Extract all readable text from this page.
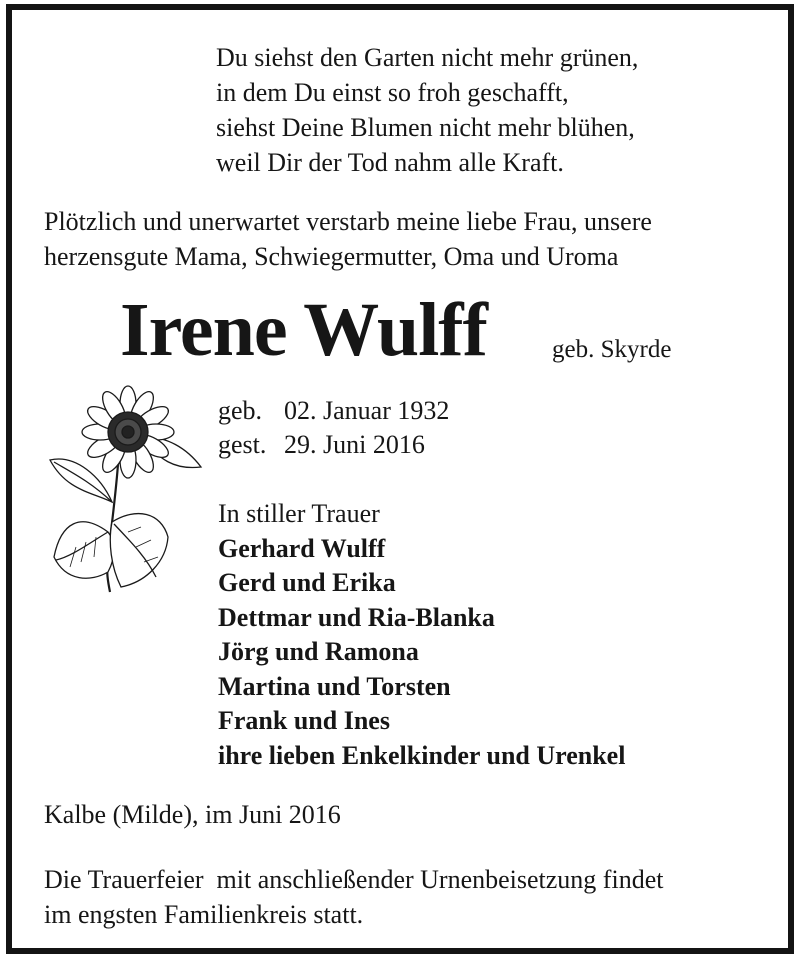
Du siehst den Garten nicht mehr grünen,
in dem Du einst so froh geschafft,
siehst Deine Blumen nicht mehr blühen,
weil Dir der Tod nahm alle Kraft.
Plötzlich und unerwartet verstarb meine liebe Frau, unsere
herzensgute Mama, Schwiegermutter, Oma und Uroma
Irene Wulff	geb. Skyrde
geb. 02. Januar 1932
gest. 29. Juni 2016
In stiller Trauer
Gerhard Wulff
Gerd und Erika
Dettmar und Ria-Blanka
Jörg und Ramona
Martina und Torsten
Frank und Ines
ihre lieben Enkelkinder und Urenkel
Kalbe (Milde), im Juni 2016
Die Trauerfeier  mit anschließender Urnenbeisetzung findet
im engsten Familienkreis statt.
